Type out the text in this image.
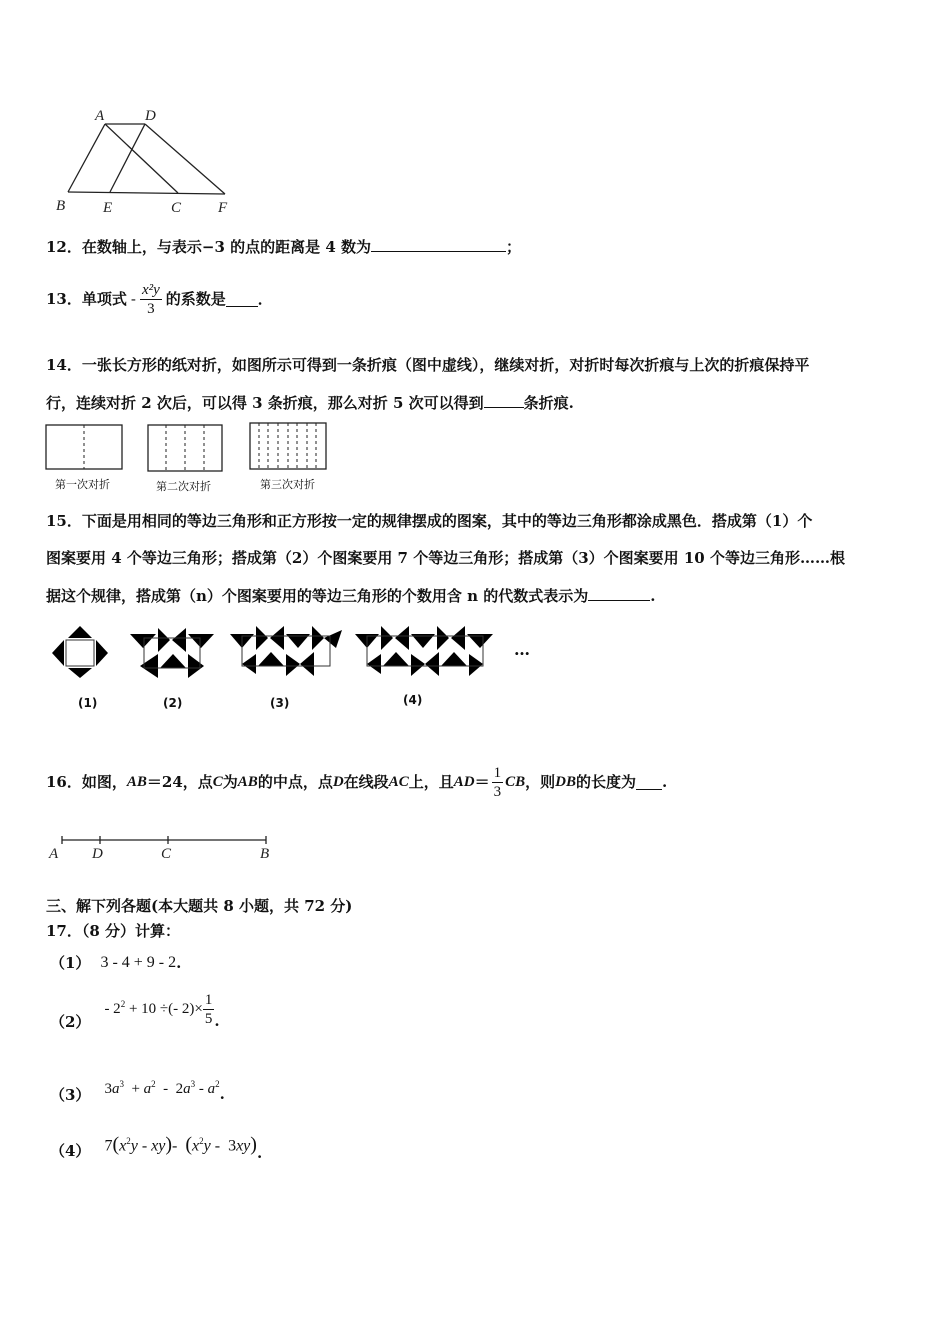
A	D
B	E	C F
12．在数轴上，与表示−3 的点的距离是 4 数为	；
13．单项式 - $\frac{\text{x²y}}{3}$ 的系数是 ．
14．一张长方形的纸对折，如图所示可得到一条折痕（图中虚线），继续对折，对折时每次折痕与上次的折痕保持平
行，连续对折 2 次后，可以得 3 条折痕，那么对折 5 次可以得到	条折痕.
第一次对折	第二次对折	第三次对折
15．下面是用相同的等边三角形和正方形按一定的规律摆成的图案，其中的等边三角形都涂成黑色．搭成第（1）个
图案要用 4 个等边三角形；搭成第（2）个图案要用 7 个等边三角形；搭成第（3）个图案要用 10 个等边三角形……根
据这个规律，搭成第（n）个图案要用的等边三角形的个数用含 n 的代数式表示为	.
…
(1)	(2)	(3)	(4)
16．如图， AB ＝24，点 C 为 AB 的中点，点 D 在线段 AC 上，且 AD ＝ $\frac{1}{3}$ CB ，则 DB 的长度为 .
A D	C	B
三、解下列各题(本大题共 8 小题，共 72 分)
17．（8 分）计算：
（1） 3 - 4 + 9 - 2 .
（2）
- $2^2 + 10$ ÷(- $2)\times \frac{1}{5}$ .
（3） $3a^3 + a^2 - 2a^3 - a^2$
.
（4） $7(x^2y - xy)-$  $(x^2y - 3xy)$ .
